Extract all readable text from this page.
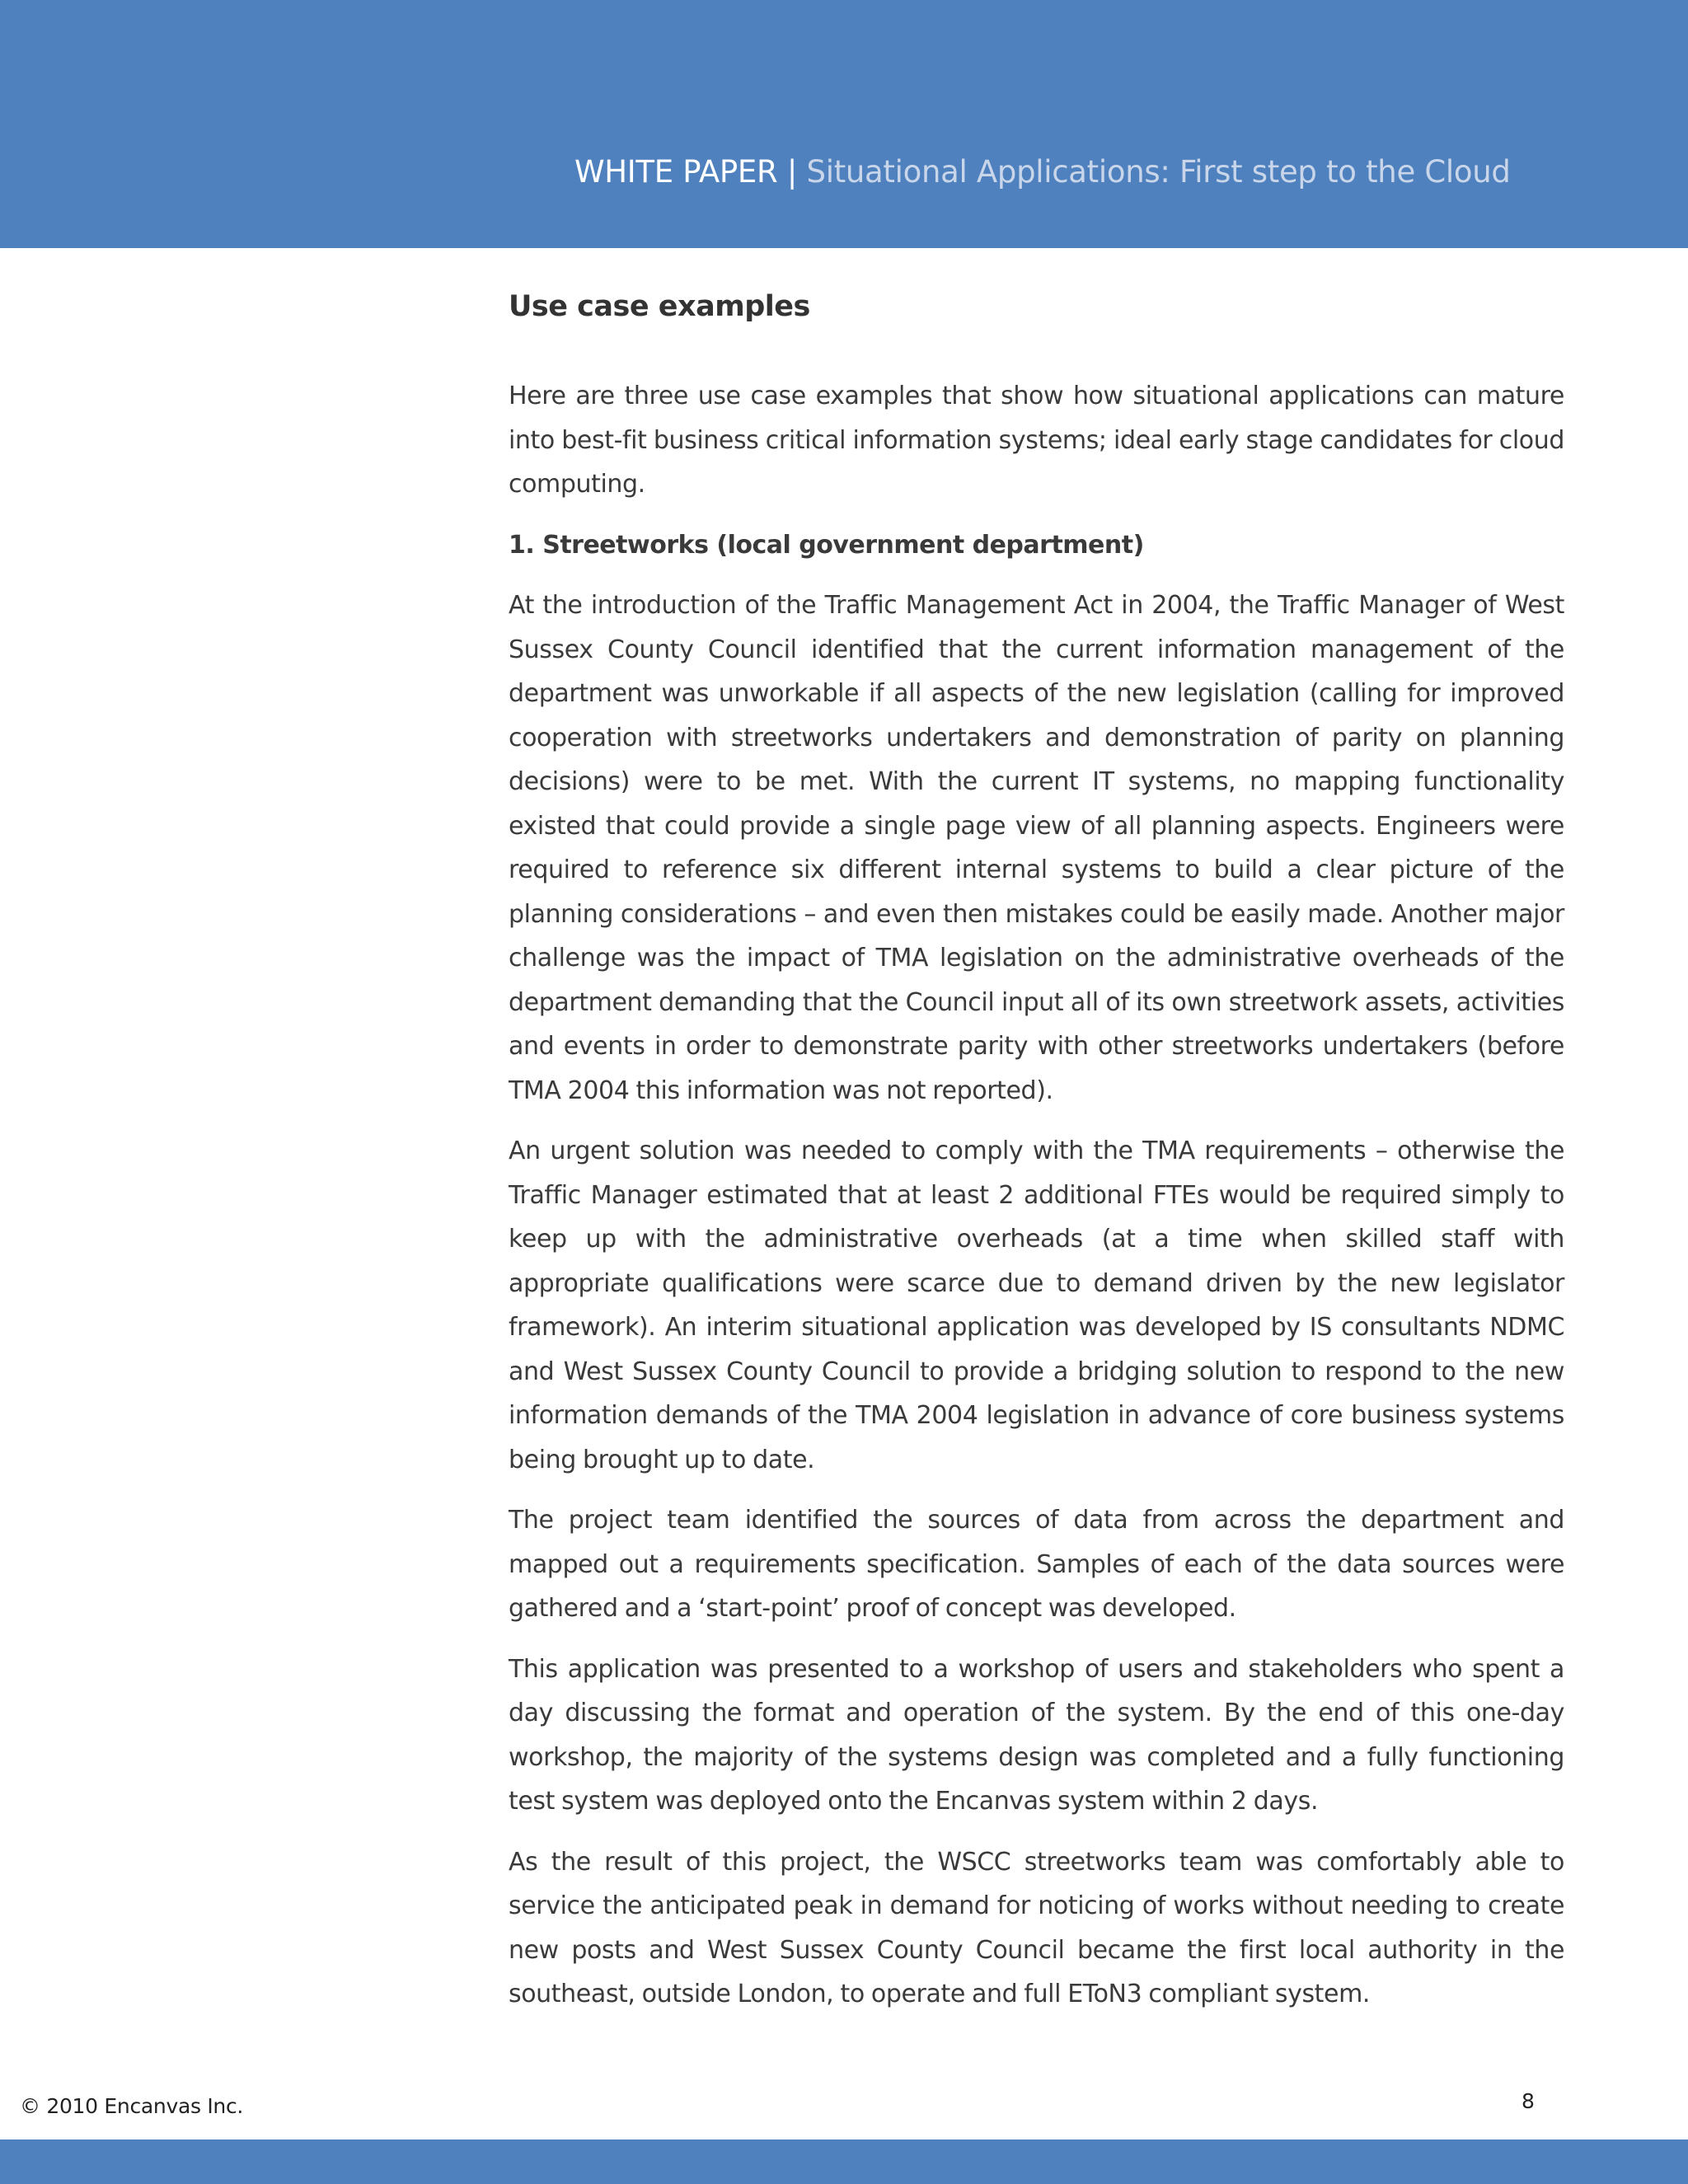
WHITE PAPER | Situational Applications: First step to the Cloud
Use case examples

Here are three use case examples that show how situational applications can mature into best-fit business critical information systems; ideal early stage candidates for cloud computing.

1. Streetworks (local government department)

At the introduction of the Traffic Management Act in 2004, the Traffic Manager of West Sussex County Council identified that the current information management of the department was unworkable if all aspects of the new legislation (calling for improved cooperation with streetworks undertakers and demonstration of parity on planning decisions) were to be met. With the current IT systems, no mapping functionality existed that could provide a single page view of all planning aspects. Engineers were required to reference six different internal systems to build a clear picture of the planning considerations – and even then mistakes could be easily made. Another major challenge was the impact of TMA legislation on the administrative overheads of the department demanding that the Council input all of its own streetwork assets, activities and events in order to demonstrate parity with other streetworks undertakers (before TMA 2004 this information was not reported).

An urgent solution was needed to comply with the TMA requirements – otherwise the Traffic Manager estimated that at least 2 additional FTEs would be required simply to keep up with the administrative overheads (at a time when skilled staff with appropriate qualifications were scarce due to demand driven by the new legislator framework). An interim situational application was developed by IS consultants NDMC and West Sussex County Council to provide a bridging solution to respond to the new information demands of the TMA 2004 legislation in advance of core business systems being brought up to date.

The project team identified the sources of data from across the department and mapped out a requirements specification. Samples of each of the data sources were gathered and a ‘start-point’ proof of concept was developed.

This application was presented to a workshop of users and stakeholders who spent a day discussing the format and operation of the system. By the end of this one-day workshop, the majority of the systems design was completed and a fully functioning test system was deployed onto the Encanvas system within 2 days.

As the result of this project, the WSCC streetworks team was comfortably able to service the anticipated peak in demand for noticing of works without needing to create new posts and West Sussex County Council became the first local authority in the southeast, outside London, to operate and full EToN3 compliant system.

© 2010 Encanvas Inc.	8
